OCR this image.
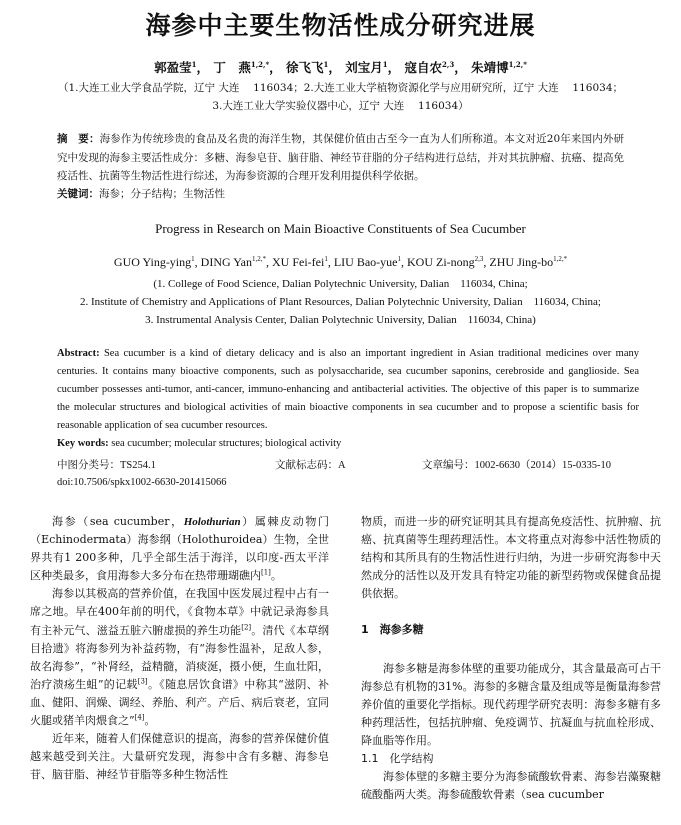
海参中主要生物活性成分研究进展
郭盈莹$^1$， 丁　燕$^{1,2,*}$， 徐飞飞$^1$， 刘宝月$^1$， 寇自农$^{2,3}$， 朱靖博$^{1,2,*}$
（1.大连工业大学食品学院，辽宁 大连　 116034；2.大连工业大学植物资源化学与应用研究所，辽宁 大连　 116034；
3.大连工业大学实验仪器中心，辽宁 大连　 116034）
摘　要：海参作为传统珍贵的食品及名贵的海洋生物，其保健价值由古至今一直为人们所称道。本文对近20年来国内外研究中发现的海参主要活性成分：多糖、海参皂苷、脑苷脂、神经节苷脂的分子结构进行总结，并对其抗肿瘤、抗癌、提高免疫活性、抗菌等生物活性进行综述，为海参资源的合理开发利用提供科学依据。
关键词：海参；分子结构；生物活性
Progress in Research on Main Bioactive Constituents of Sea Cucumber
GUO Ying-ying$^1$, DING Yan$^{1,2,*}$, XU Fei-fei$^1$, LIU Bao-yue$^1$, KOU Zi-nong$^{2,3}$, ZHU Jing-$bo^{1,2,*}$
(1. College of Food Science, Dalian Polytechnic University, Dalian　116034, China;
2. Institute of Chemistry and Applications of Plant Resources, Dalian Polytechnic University, Dalian　116034, China;
3. Instrumental Analysis Center, Dalian Polytechnic University, Dalian　116034, China)
Abstract: Sea cucumber is a kind of dietary delicacy and is also an important ingredient in Asian traditional medicines over many centuries. It contains many bioactive components, such as polysaccharide, sea cucumber saponins, cerebroside and ganglioside. Sea cucumber possesses anti-tumor, anti-cancer, immuno-enhancing and antibacterial activities. The objective of this paper is to summarize the molecular structures and biological activities of main bioactive components in sea cucumber and to propose a scientific basis for reasonable application of sea cucumber resources.
Key words: sea cucumber; molecular structures; biological activity
中图分类号：TS254.1	文献标志码：A	文章编号：1002-6630（2014）15-0335-10
doi:10.7506/spkx1002-6630-201415066

海参（sea cucumber，Holothurian）属棘皮动物门（Echinodermata）海参纲（Holothuroidea）生物，全世界共有1 200多种，几乎全部生活于海洋，以印度-西太平洋区种类最多，食用海参大多分布在热带珊瑚礁内[1]。

海参以其极高的营养价值，在我国中医发展过程中占有一席之地。早在400年前的明代，《食物本草》中就记录海参具有主补元气、滋益五脏六腑虚损的养生功能[2]。清代《本草纲目拾遗》将海参列为补益药物，有“海参性温补，足敌人参，故名海参”，“补肾经，益精髓，消痰涎，摄小便，生血壮阳，治疗溃疡生蛆”的记载[3]。《随息居饮食谱》中称其“滋阴、补血、健阳、润燥、调经、养胎、利产。产后、病后衰老，宜同火腿或猪羊肉煨食之”[4]。

近年来，随着人们保健意识的提高，海参的营养保健价值越来越受到关注。大量研究发现，海参中含有多糖、海参皂苷、脑苷脂、神经节苷脂等多种生物活性

物质，而进一步的研究证明其具有提高免疫活性、抗肿瘤、抗癌、抗真菌等生理药理活性。本文将重点对海参中活性物质的结构和其所具有的生物活性进行归纳，为进一步研究海参中天然成分的活性以及开发具有特定功能的新型药物或保健食品提供依据。

1　海参多糖

海参多糖是海参体壁的重要功能成分，其含量最高可占干海参总有机物的31%。海参的多糖含量及组成等是衡量海参营养价值的重要化学指标。现代药理学研究表明：海参多糖有多种药理活性，包括抗肿瘤、免疫调节、抗凝血与抗血栓形成、降血脂等作用。

1.1　化学结构

海参体壁的多糖主要分为海参硫酸软骨素、海参岩藻聚糖硫酸酯两大类。海参硫酸软骨素（sea cucumber
